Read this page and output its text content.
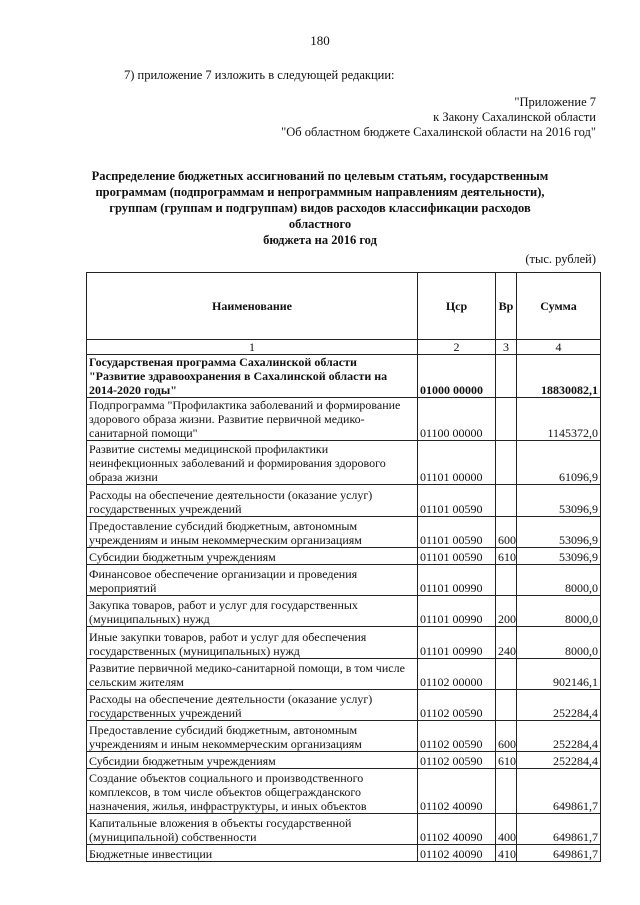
180
7) приложение 7 изложить в следующей редакции:
"Приложение 7
к Закону Сахалинской области
"Об областном бюджете Сахалинской области на 2016 год"
Распределение бюджетных ассигнований по целевым статьям, государственным
программам (подпрограммам и непрограммным направлениям деятельности),
группам (группам и подгруппам) видов расходов классификации расходов областного
бюджета на 2016 год
(тыс. рублей)
Наименование	Цср	Вр	Сумма
1	2	3	4
Государственая программа Сахалинской области "Развитие здравоохранения в Сахалинской области на 2014-2020 годы"	01000 00000		18830082,1
Подпрограмма "Профилактика заболеваний и формирование здорового образа жизни. Развитие первичной медико-санитарной помощи"	01100 00000		1145372,0
Развитие системы медицинской профилактики неинфекционных заболеваний и формирования здорового образа жизни	01101 00000		61096,9
Расходы на обеспечение деятельности (оказание услуг) государственных учреждений	01101 00590		53096,9
Предоставление субсидий бюджетным, автономным учреждениям и иным некоммерческим организациям	01101 00590	600	53096,9
Субсидии бюджетным учреждениям	01101 00590	610	53096,9
Финансовое обеспечение организации и проведения мероприятий	01101 00990		8000,0
Закупка товаров, работ и услуг для государственных (муниципальных) нужд	01101 00990	200	8000,0
Иные закупки товаров, работ и услуг для обеспечения государственных (муниципальных) нужд	01101 00990	240	8000,0
Развитие первичной медико-санитарной помощи, в том числе сельским жителям	01102 00000		902146,1
Расходы на обеспечение деятельности (оказание услуг) государственных учреждений	01102 00590		252284,4
Предоставление субсидий бюджетным, автономным учреждениям и иным некоммерческим организациям	01102 00590	600	252284,4
Субсидии бюджетным учреждениям	01102 00590	610	252284,4
Создание объектов социального и производственного комплексов, в том числе объектов общегражданского назначения, жилья, инфраструктуры, и иных объектов	01102 40090		649861,7
Капитальные вложения в объекты государственной (муниципальной) собственности	01102 40090	400	649861,7
Бюджетные инвестиции	01102 40090	410	649861,7
